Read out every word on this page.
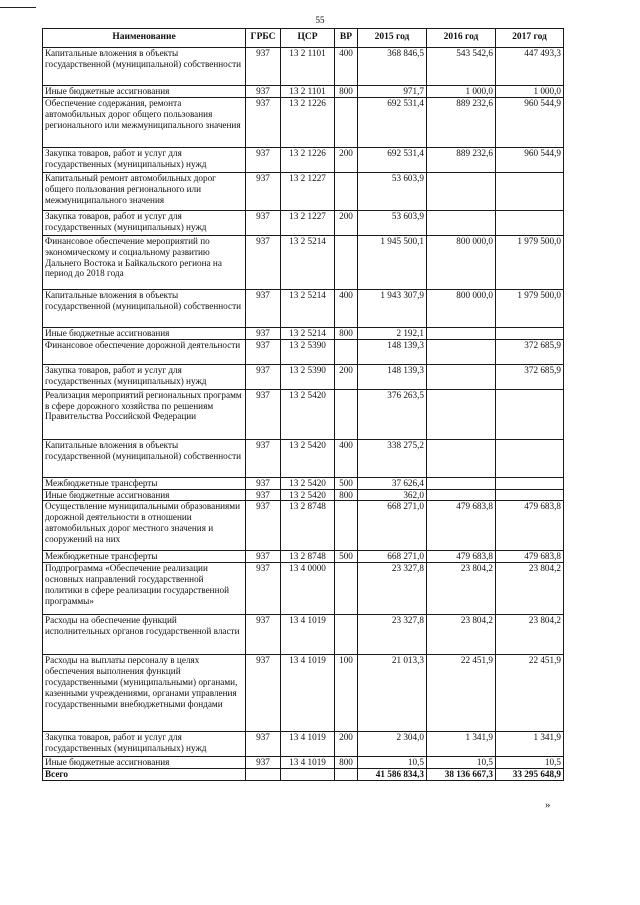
55
Наименование	ГРБС	ЦСР	ВР	2015 год	2016 год	2017 год
Капитальные вложения в объекты государственной (муниципальной) собственности	937	13 2 1101	400	368 846,5	543 542,6	447 493,3
Иные бюджетные ассигнования	937	13 2 1101	800	971,7	1 000,0	1 000,0
Обеспечение содержания, ремонта автомобильных дорог общего пользования регионального или межмуниципального значения	937	13 2 1226		692 531,4	889 232,6	960 544,9
Закупка товаров, работ и услуг для государственных (муниципальных) нужд	937	13 2 1226	200	692 531,4	889 232,6	960 544,9
Капитальный ремонт автомобильных дорог общего пользования регионального или межмуниципального значения	937	13 2 1227		53 603,9		
Закупка товаров, работ и услуг для государственных (муниципальных) нужд	937	13 2 1227	200	53 603,9		
Финансовое обеспечение мероприятий по экономическому и социальному развитию Дальнего Востока и Байкальского региона на период до 2018 года	937	13 2 5214		1 945 500,1	800 000,0	1 979 500,0
Капитальные вложения в объекты государственной (муниципальной) собственности	937	13 2 5214	400	1 943 307,9	800 000,0	1 979 500,0
Иные бюджетные ассигнования	937	13 2 5214	800	2 192,1		
Финансовое обеспечение дорожной деятельности	937	13 2 5390		148 139,3		372 685,9
Закупка товаров, работ и услуг для государственных (муниципальных) нужд	937	13 2 5390	200	148 139,3		372 685,9
Реализация мероприятий региональных программ в сфере дорожного хозяйства по решениям Правительства Российской Федерации	937	13 2 5420		376 263,5		
Капитальные вложения в объекты государственной (муниципальной) собственности	937	13 2 5420	400	338 275,2		
Межбюджетные трансферты	937	13 2 5420	500	37 626,4		
Иные бюджетные ассигнования	937	13 2 5420	800	362,0		
Осуществление муниципальными образованиями дорожной деятельности в отношении автомобильных дорог местного значения и сооружений на них	937	13 2 8748		668 271,0	479 683,8	479 683,8
Межбюджетные трансферты	937	13 2 8748	500	668 271,0	479 683,8	479 683,8
Подпрограмма «Обеспечение реализации основных направлений государственной политики в сфере реализации государственной программы»	937	13 4 0000		23 327,8	23 804,2	23 804,2
Расходы на обеспечение функций исполнительных органов государственной власти	937	13 4 1019		23 327,8	23 804,2	23 804,2
Расходы на выплаты персоналу в целях обеспечения выполнения функций государственными (муниципальными) органами, казенными учреждениями, органами управления государственными внебюджетными фондами	937	13 4 1019	100	21 013,3	22 451,9	22 451,9
Закупка товаров, работ и услуг для государственных (муниципальных) нужд	937	13 4 1019	200	2 304,0	1 341,9	1 341,9
Иные бюджетные ассигнования	937	13 4 1019	800	10,5	10,5	10,5
Всего				41 586 834,3	38 136 667,3	33 295 648,9
»
